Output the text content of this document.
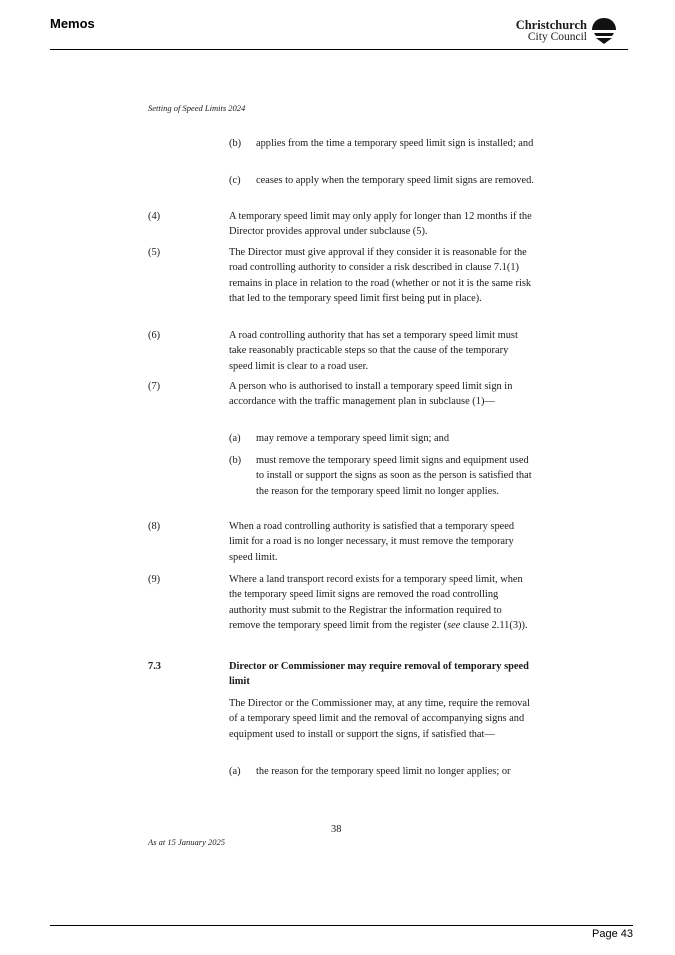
Memos	Christchurch
City Council
Setting of Speed Limits 2024
(b) applies from the time a temporary speed limit sign is installed; and
(c) ceases to apply when the temporary speed limit signs are removed.
(4)	A temporary speed limit may only apply for longer than 12 months if the Director provides approval under subclause (5).
(5)	The Director must give approval if they consider it is reasonable for the road controlling authority to consider a risk described in clause 7.1(1) remains in place in relation to the road (whether or not it is the same risk that led to the temporary speed limit first being put in place).
(6)	A road controlling authority that has set a temporary speed limit must take reasonably practicable steps so that the cause of the temporary speed limit is clear to a road user.
(7)	A person who is authorised to install a temporary speed limit sign in accordance with the traffic management plan in subclause (1)—
(a) may remove a temporary speed limit sign; and
(b) must remove the temporary speed limit signs and equipment used to install or support the signs as soon as the person is satisfied that the reason for the temporary speed limit no longer applies.
(8)	When a road controlling authority is satisfied that a temporary speed limit for a road is no longer necessary, it must remove the temporary speed limit.
(9)	Where a land transport record exists for a temporary speed limit, when the temporary speed limit signs are removed the road controlling authority must submit to the Registrar the information required to remove the temporary speed limit from the register (see clause 2.11(3)).
7.3	Director or Commissioner may require removal of temporary speed limit
The Director or the Commissioner may, at any time, require the removal of a temporary speed limit and the removal of accompanying signs and equipment used to install or support the signs, if satisfied that—
(a) the reason for the temporary speed limit no longer applies; or
38
As at 15 January 2025
Page 43
